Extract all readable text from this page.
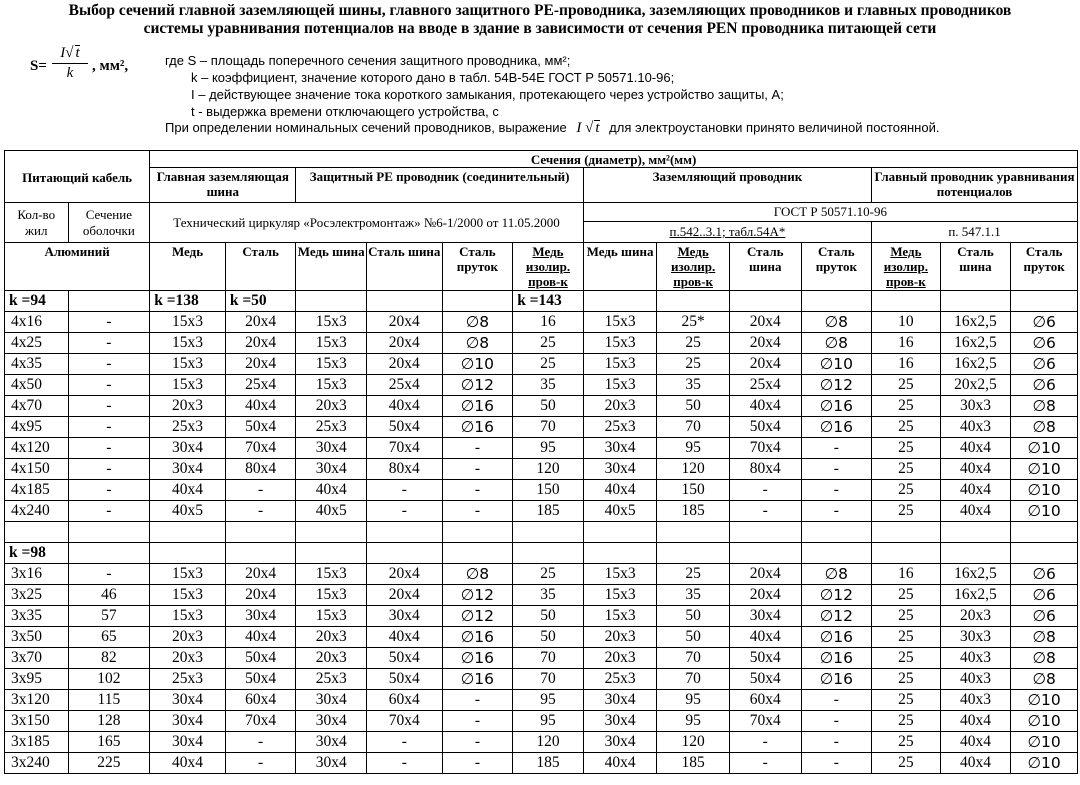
Выбор сечений главной заземляющей шины, главного защитного PE-проводника, заземляющих проводников и главных проводников
системы уравнивания потенциалов на вводе в здание в зависимости от сечения PEN проводника питающей сети
$S= \frac{I√ t}{k}$ , мм²,	где S – площадь поперечного сечения защитного проводника, мм²;
k – коэффициент, значение которого дано в табл. 54В-54Е ГОСТ Р 50571.10-96;
I – действующее значение тока короткого замыкания, протекающего через устройство защиты, А;
t - выдержка времени отключающего устройства, с
При определении номинальных сечений проводников, выражение I √ t для электроустановки принято величиной постоянной.
Питающий кабель		Сечения (диаметр), мм²(мм)												
		Главная заземляющая шина		Защитный PE проводник (соединительный)				Заземляющий проводник				Главный проводник уравнивания потенциалов		
Кол-во жил	Сечение оболочки	Технический циркуляр «Росэлектромонтаж» №6-1/2000 от 11.05.2000						ГОСТ Р 50571.10-96						
								п.542..3.1; табл.54А*				п. 547.1.1		
Алюминий		Медь	Сталь	Медь шина	Сталь шина	Сталь пруток	Медь изолир. пров-к	Медь шина	Медь изолир. пров-к	Сталь шина	Сталь пруток	Медь изолир. пров-к	Сталь шина	Сталь пруток
k =94		k =138	k =50				k =143							
4x16	-	15x3	20x4	15x3	20x4	∅8	16	15x3	25*	20x4	∅8	10	16x2,5	∅6
4x25	-	15x3	20x4	15x3	20x4	∅8	25	15x3	25	20x4	∅8	16	16x2,5	∅6
4x35	-	15x3	20x4	15x3	20x4	∅10	25	15x3	25	20x4	∅10	16	16x2,5	∅6
4x50	-	15x3	25x4	15x3	25x4	∅12	35	15x3	35	25x4	∅12	25	20x2,5	∅6
4x70	-	20x3	40x4	20x3	40x4	∅16	50	20x3	50	40x4	∅16	25	30x3	∅8
4x95	-	25x3	50x4	25x3	50x4	∅16	70	25x3	70	50x4	∅16	25	40x3	∅8
4x120	-	30x4	70x4	30x4	70x4	-	95	30x4	95	70x4	-	25	40x4	∅10
4x150	-	30x4	80x4	30x4	80x4	-	120	30x4	120	80x4	-	25	40x4	∅10
4x185	-	40x4	-	40x4	-	-	150	40x4	150	-	-	25	40x4	∅10
4x240	-	40x5	-	40x5	-	-	185	40x5	185	-	-	25	40x4	∅10

k =98														
3x16	-	15x3	20x4	15x3	20x4	∅8	25	15x3	25	20x4	∅8	16	16x2,5	∅6
3x25	46	15x3	20x4	15x3	20x4	∅12	35	15x3	35	20x4	∅12	25	16x2,5	∅6
3x35	57	15x3	30x4	15x3	30x4	∅12	50	15x3	50	30x4	∅12	25	20x3	∅6
3x50	65	20x3	40x4	20x3	40x4	∅16	50	20x3	50	40x4	∅16	25	30x3	∅8
3x70	82	20x3	50x4	20x3	50x4	∅16	70	20x3	70	50x4	∅16	25	40x3	∅8
3x95	102	25x3	50x4	25x3	50x4	∅16	70	25x3	70	50x4	∅16	25	40x3	∅8
3x120	115	30x4	60x4	30x4	60x4	-	95	30x4	95	60x4	-	25	40x3	∅10
3x150	128	30x4	70x4	30x4	70x4	-	95	30x4	95	70x4	-	25	40x4	∅10
3x185	165	30x4	-	30x4	-	-	120	30x4	120	-	-	25	40x4	∅10
3x240	225	40x4	-	30x4	-	-	185	40x4	185	-	-	25	40x4	∅10
